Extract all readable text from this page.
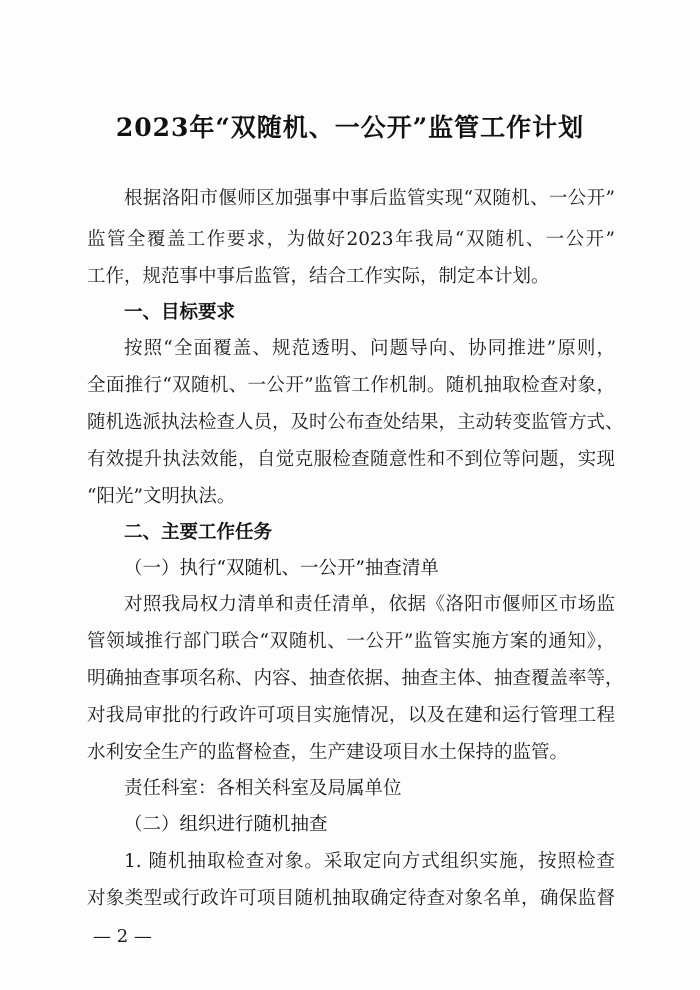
2023年“双随机、一公开”监管工作计划
根据洛阳市偃师区加强事中事后监管实现“双随机、一公开”
监管全覆盖工作要求，为做好2023年我局“双随机、一公开”
工作，规范事中事后监管，结合工作实际，制定本计划。
一、目标要求
按照“全面覆盖、规范透明、问题导向、协同推进”原则，
全面推行“双随机、一公开”监管工作机制。随机抽取检查对象，
随机选派执法检查人员，及时公布查处结果，主动转变监管方式、
有效提升执法效能，自觉克服检查随意性和不到位等问题，实现
“阳光”文明执法。
二、主要工作任务
（一）执行“双随机、一公开”抽查清单
对照我局权力清单和责任清单，依据《洛阳市偃师区市场监
管领域推行部门联合“双随机、一公开”监管实施方案的通知》，
明确抽查事项名称、内容、抽查依据、抽查主体、抽查覆盖率等，
对我局审批的行政许可项目实施情况，以及在建和运行管理工程
水利安全生产的监督检查，生产建设项目水土保持的监管。
责任科室：各相关科室及局属单位
（二）组织进行随机抽查
1. 随机抽取检查对象。采取定向方式组织实施，按照检查
对象类型或行政许可项目随机抽取确定待查对象名单，确保监督
— 2 —
